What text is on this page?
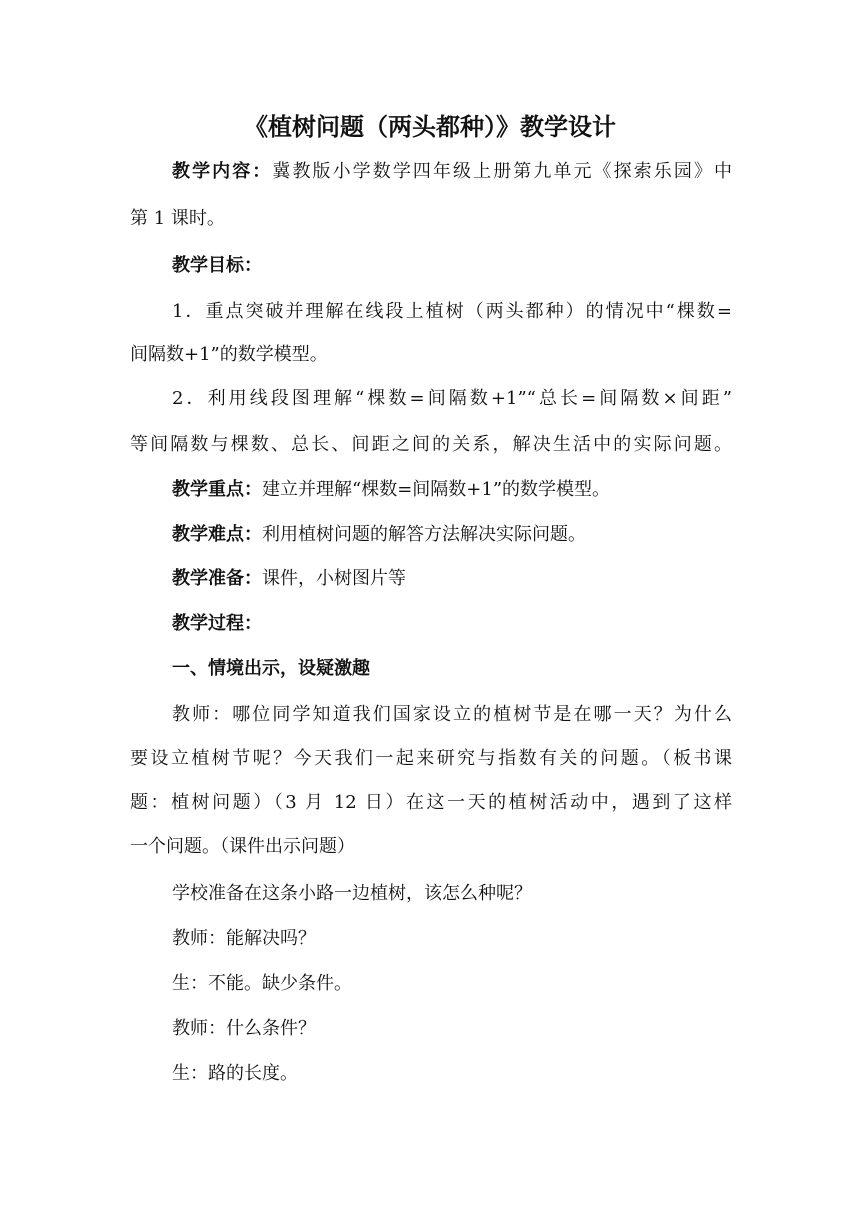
《植树问题（两头都种）》教学设计
教学内容：冀教版小学数学四年级上册第九单元《探索乐园》中
第 1 课时。
教学目标：
1．重点突破并理解在线段上植树（两头都种）的情况中“棵数=
间隔数+1”的数学模型。
2．利用线段图理解“棵数=间隔数+1”“总长=间隔数×间距”
等间隔数与棵数、总长、间距之间的关系，解决生活中的实际问题。
教学重点：建立并理解“棵数=间隔数+1”的数学模型。
教学难点：利用植树问题的解答方法解决实际问题。
教学准备：课件，小树图片等
教学过程：
一、情境出示，设疑激趣
教师：哪位同学知道我们国家设立的植树节是在哪一天？为什么
要设立植树节呢？今天我们一起来研究与指数有关的问题。（板书课
题：植树问题）（3 月 12 日）在这一天的植树活动中，遇到了这样
一个问题。（课件出示问题）
学校准备在这条小路一边植树，该怎么种呢？
教师：能解决吗？
生：不能。缺少条件。
教师：什么条件？
生：路的长度。
